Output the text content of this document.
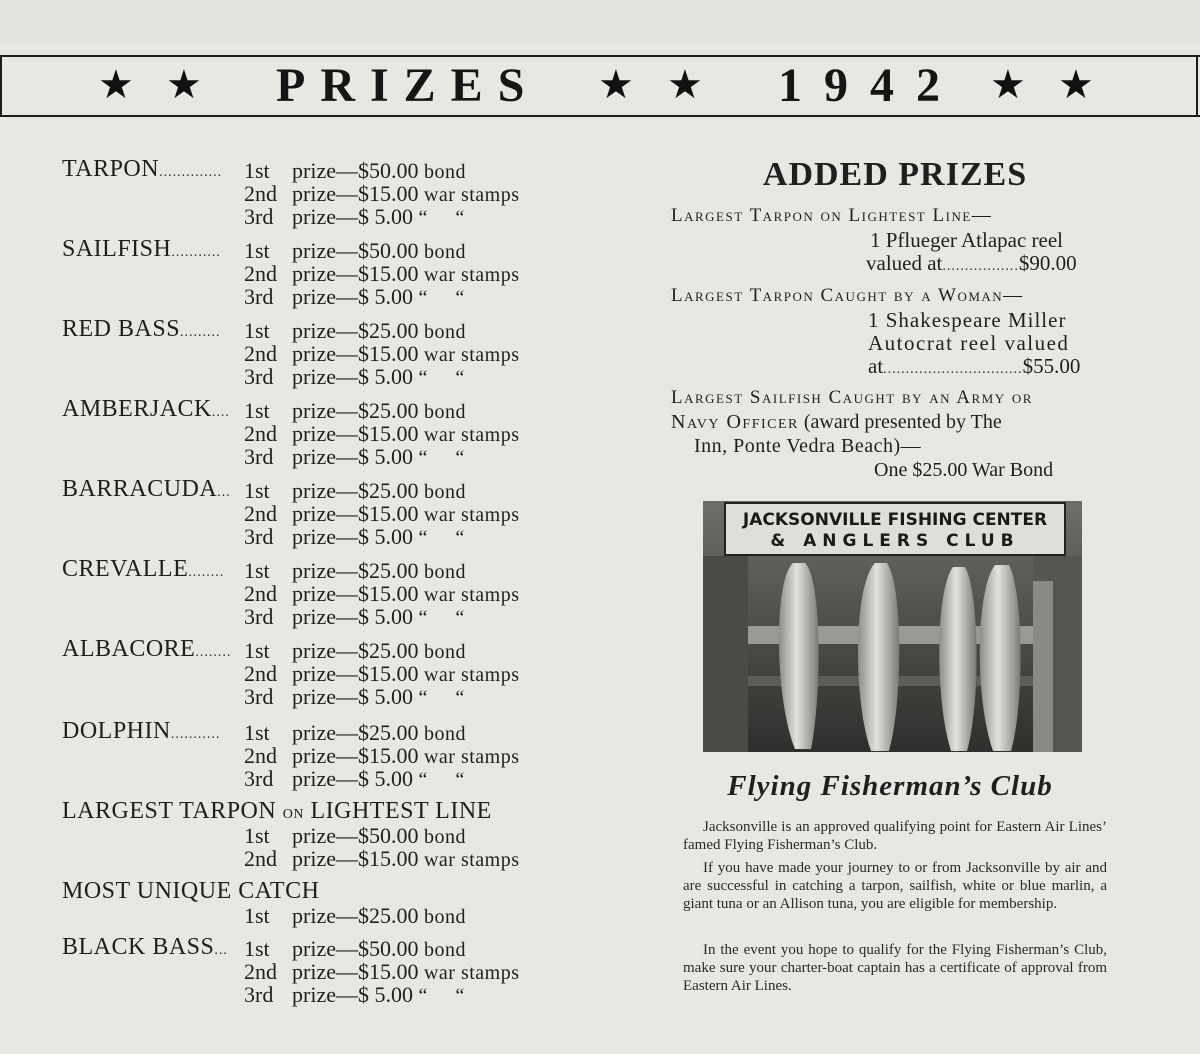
★ ★ PRIZES ★ ★ 1942 ★ ★
TARPON.............. 1st prize—$50.00 bond
2nd prize—$15.00 war stamps
3rd prize—$ 5.00 “     “
SAILFISH........... 1st prize—$50.00 bond
2nd prize—$15.00 war stamps
3rd prize—$ 5.00 “     “
RED BASS......... 1st prize—$25.00 bond
2nd prize—$15.00 war stamps
3rd prize—$ 5.00 “     “
AMBERJACK.... 1st prize—$25.00 bond
2nd prize—$15.00 war stamps
3rd prize—$ 5.00 “     “
BARRACUDA... 1st prize—$25.00 bond
2nd prize—$15.00 war stamps
3rd prize—$ 5.00 “     “
CREVALLE........ 1st prize—$25.00 bond
2nd prize—$15.00 war stamps
3rd prize—$ 5.00 “     “
ALBACORE........ 1st prize—$25.00 bond
2nd prize—$15.00 war stamps
3rd prize—$ 5.00 “     “
DOLPHIN........... 1st prize—$25.00 bond
2nd prize—$15.00 war stamps
3rd prize—$ 5.00 “     “
LARGEST TARPON on LIGHTEST LINE
1st prize—$50.00 bond
2nd prize—$15.00 war stamps
MOST UNIQUE CATCH
1st prize—$25.00 bond
BLACK BASS... 1st prize—$50.00 bond
2nd prize—$15.00 war stamps
3rd prize—$ 5.00 “     “
ADDED PRIZES
Largest Tarpon on Lightest Line—
1 Pflueger Atlapac reel
valued at.................$90.00
Largest Tarpon Caught by a Woman—
1 Shakespeare Miller
Autocrat reel valued
at...............................$55.00
Largest Sailfish Caught by an Army or
Navy Officer (award presented by The
Inn, Ponte Vedra Beach)—
One $25.00 War Bond
JACKSONVILLE FISHING CENTER
& ANGLERS CLUB
Flying Fisherman’s Club
Jacksonville is an approved qualifying point for Eastern Air Lines’ famed Flying Fisherman’s Club.
If you have made your journey to or from Jacksonville by air and are successful in catching a tarpon, sailfish, white or blue marlin, a giant tuna or an Allison tuna, you are eligible for membership.
In the event you hope to qualify for the Flying Fisherman’s Club, make sure your charter-boat captain has a certificate of approval from Eastern Air Lines.
